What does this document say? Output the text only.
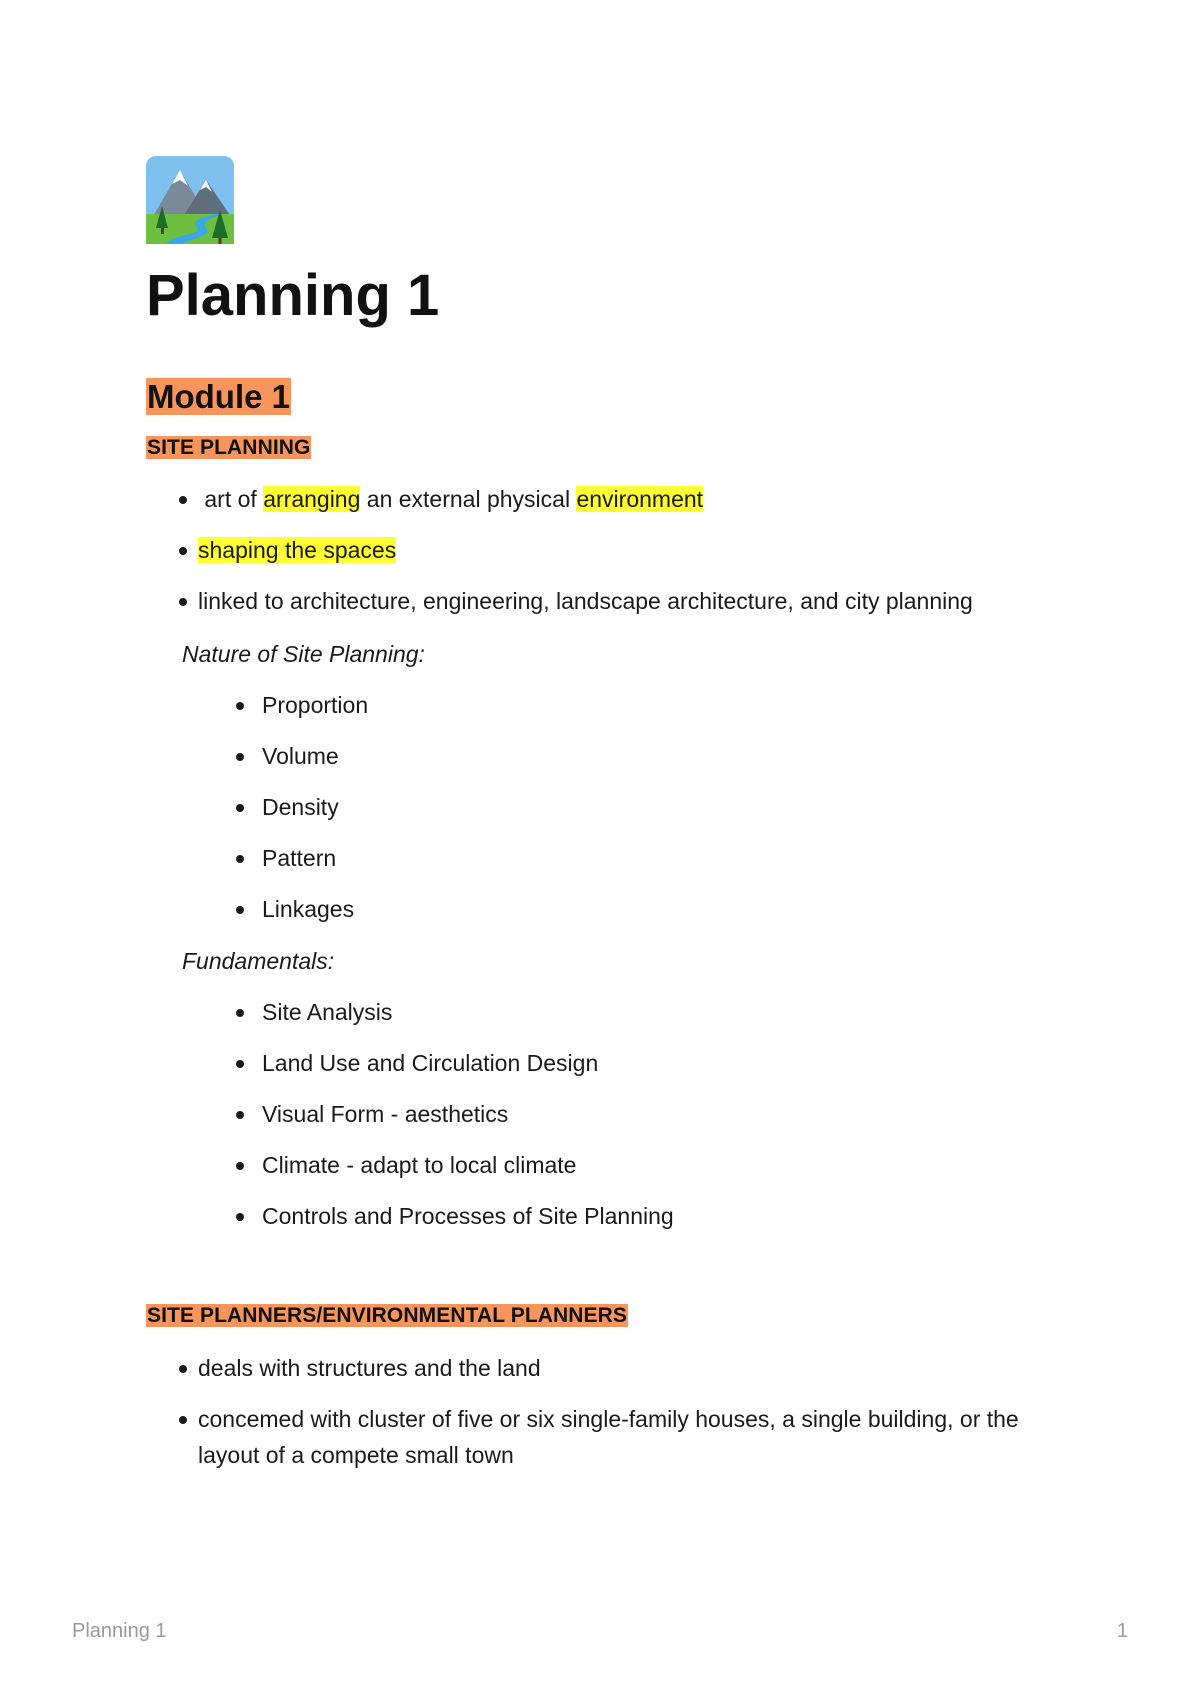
Planning 1
Module 1
SITE PLANNING
art of arranging an external physical environment
shaping the spaces
linked to architecture, engineering, landscape architecture, and city planning

Nature of Site Planning:

Proportion
Volume
Density
Pattern
Linkages

Fundamentals:

Site Analysis
Land Use and Circulation Design
Visual Form - aesthetics
Climate - adapt to local climate
Controls and Processes of Site Planning
SITE PLANNERS/ENVIRONMENTAL PLANNERS
deals with structures and the land
concemed with cluster of five or six single-family houses, a single building, or the layout of a compete small town
Planning 1	1
